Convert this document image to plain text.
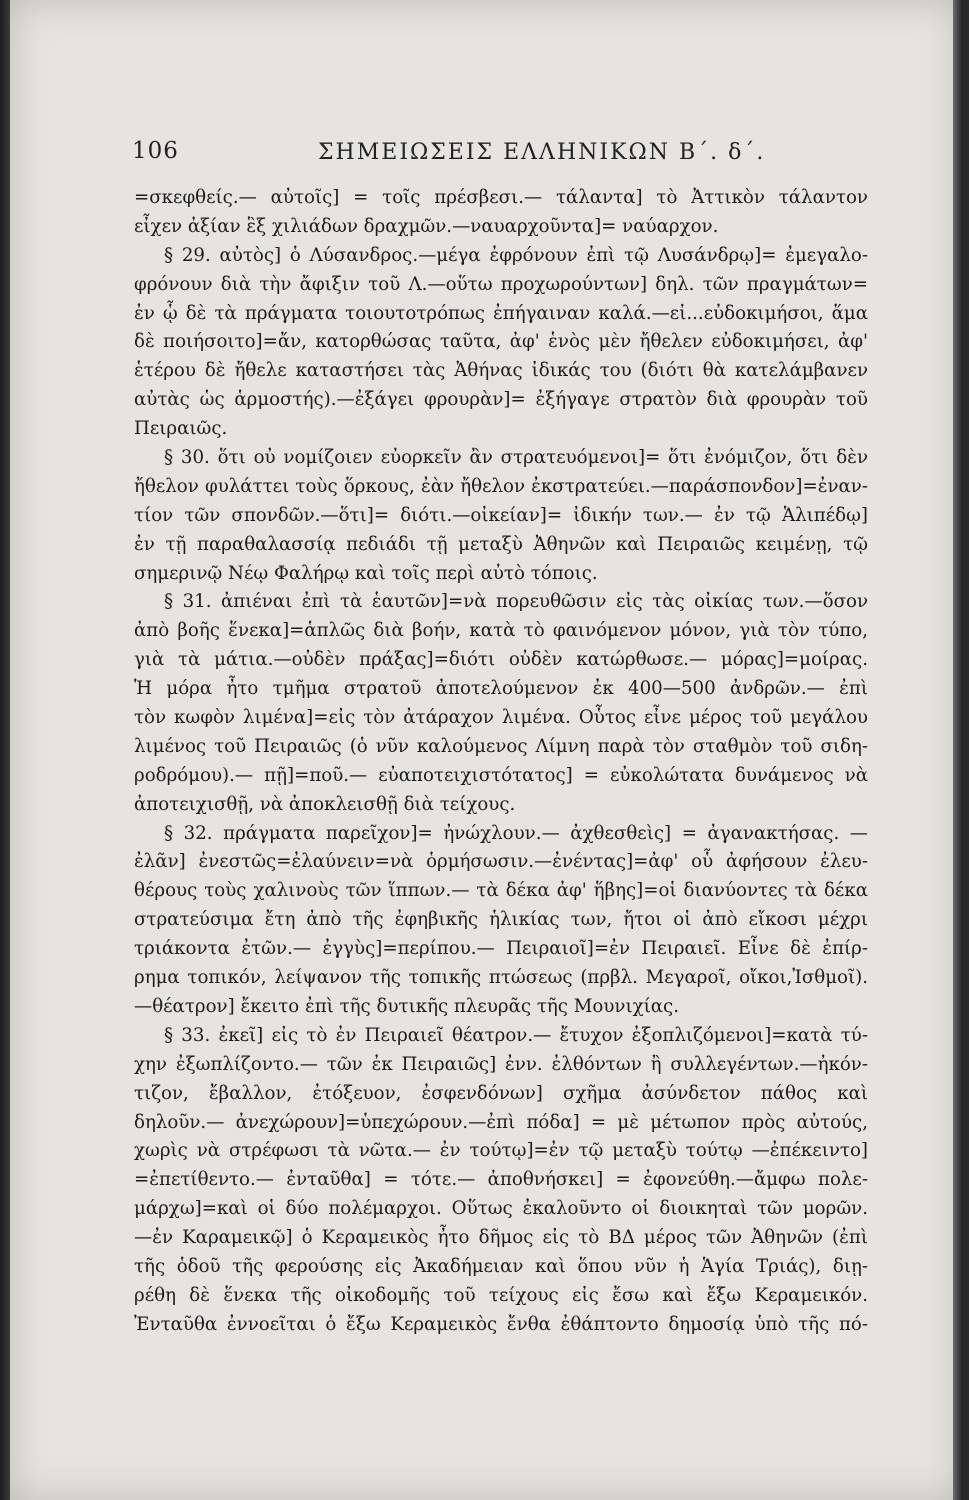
106	ΣΗΜΕΙΩΣΕΙΣ ΕΛΛΗΝΙΚΩΝ Β΄. δ΄.
=σκεφθείς.— αὐτοῖς] = τοῖς πρέσβεσι.— τάλαντα] τὸ Ἀττικὸν τάλαντον
εἶχεν ἀξίαν ἓξ χιλιάδων δραχμῶν.—ναυαρχοῦντα]= ναύαρχον.
§ 29. αὐτὸς] ὁ Λύσανδρος.—μέγα ἐφρόνουν ἐπὶ τῷ Λυσάνδρῳ]= ἐμεγαλο-
φρόνουν διὰ τὴν ἄφιξιν τοῦ Λ.—οὕτω προχωρούντων] δηλ. τῶν πραγμάτων=
ἐν ᾧ δὲ τὰ πράγματα τοιουτοτρόπως ἐπήγαιναν καλά.—εἰ...εὐδοκιμήσοι, ἅμα
δὲ ποιήσοιτο]=ἄν, κατορθώσας ταῦτα, ἀφ' ἑνὸς μὲν ἤθελεν εὐδοκιμήσει, ἀφ'
ἑτέρου δὲ ἤθελε καταστήσει τὰς Ἀθήνας ἰδικάς του (διότι θὰ κατελάμβανεν
αὐτὰς ὡς ἁρμοστής).—ἐξάγει φρουρὰν]= ἐξήγαγε στρατὸν διὰ φρουρὰν τοῦ
Πειραιῶς.
§ 30. ὅτι οὐ νομίζοιεν εὐορκεῖν ἂν στρατευόμενοι]= ὅτι ἐνόμιζον, ὅτι δὲν
ἤθελον φυλάττει τοὺς ὅρκους, ἐὰν ἤθελον ἐκστρατεύει.—παράσπονδον]=ἐναν-
τίον τῶν σπονδῶν.—ὅτι]= διότι.—οἰκείαν]= ἰδικήν των.— ἐν τῷ Ἁλιπέδῳ]
ἐν τῇ παραθαλασσίᾳ πεδιάδι τῇ μεταξὺ Ἀθηνῶν καὶ Πειραιῶς κειμένῃ, τῷ
σημερινῷ Νέῳ Φαλήρῳ καὶ τοῖς περὶ αὐτὸ τόποις.
§ 31. ἀπιέναι ἐπὶ τὰ ἑαυτῶν]=νὰ πορευθῶσιν εἰς τὰς οἰκίας των.—ὅσον
ἀπὸ βοῆς ἕνεκα]=ἁπλῶς διὰ βοήν, κατὰ τὸ φαινόμενον μόνον, γιὰ τὸν τύπο,
γιὰ τὰ μάτια.—οὐδὲν πράξας]=διότι οὐδὲν κατώρθωσε.— μόρας]=μοίρας.
Ἡ μόρα ἦτο τμῆμα στρατοῦ ἀποτελούμενον ἐκ 400—500 ἀνδρῶν.— ἐπὶ
τὸν κωφὸν λιμένα]=εἰς τὸν ἀτάραχον λιμένα. Οὗτος εἶνε μέρος τοῦ μεγάλου
λιμένος τοῦ Πειραιῶς (ὁ νῦν καλούμενος Λίμνη παρὰ τὸν σταθμὸν τοῦ σιδη-
ροδρόμου).— πῇ]=ποῦ.— εὐαποτειχιστότατος] = εὐκολώτατα δυνάμενος νὰ
ἀποτειχισθῇ, νὰ ἀποκλεισθῇ διὰ τείχους.
§ 32. πράγματα παρεῖχον]= ἠνώχλουν.— ἀχθεσθεὶς] = ἀγανακτήσας. —
ἐλᾶν] ἐνεστῶς=ἐλαύνειν=νὰ ὁρμήσωσιν.—ἐνέντας]=ἀφ' οὗ ἀφήσουν ἐλευ-
θέρους τοὺς χαλινοὺς τῶν ἵππων.— τὰ δέκα ἀφ' ἥβης]=οἱ διανύοντες τὰ δέκα
στρατεύσιμα ἔτη ἀπὸ τῆς ἐφηβικῆς ἡλικίας των, ἤτοι οἱ ἀπὸ εἴκοσι μέχρι
τριάκοντα ἐτῶν.— ἐγγὺς]=περίπου.— Πειραιοῖ]=ἐν Πειραιεῖ. Εἶνε δὲ ἐπίρ-
ρημα τοπικόν, λείψανον τῆς τοπικῆς πτώσεως (πρβλ. Μεγαροῖ, οἴκοι,Ἰσθμοῖ).
—θέατρον] ἔκειτο ἐπὶ τῆς δυτικῆς πλευρᾶς τῆς Μουνιχίας.
§ 33. ἐκεῖ] εἰς τὸ ἐν Πειραιεῖ θέατρον.— ἔτυχον ἐξοπλιζόμενοι]=κατὰ τύ-
χην ἐξωπλίζοντο.— τῶν ἐκ Πειραιῶς] ἐνν. ἐλθόντων ἢ συλλεγέντων.—ἠκόν-
τιζον, ἔβαλλον, ἐτόξευον, ἐσφενδόνων] σχῆμα ἀσύνδετον πάθος καὶ
δηλοῦν.— ἀνεχώρουν]=ὑπεχώρουν.—ἐπὶ πόδα] = μὲ μέτωπον πρὸς αὐτούς,
χωρὶς νὰ στρέφωσι τὰ νῶτα.— ἐν τούτῳ]=ἐν τῷ μεταξὺ τούτῳ —ἐπέκειντο]
=ἐπετίθεντο.— ἐνταῦθα] = τότε.— ἀποθνήσκει] = ἐφονεύθη.—ἄμφω πολε-
μάρχω]=καὶ οἱ δύο πολέμαρχοι. Οὕτως ἐκαλοῦντο οἱ διοικηταὶ τῶν μορῶν.
—ἐν Καραμεικῷ] ὁ Κεραμεικὸς ἦτο δῆμος εἰς τὸ ΒΔ μέρος τῶν Ἀθηνῶν (ἐπὶ
τῆς ὁδοῦ τῆς φερούσης εἰς Ἀκαδήμειαν καὶ ὅπου νῦν ἡ Ἁγία Τριάς), διῃ-
ρέθη δὲ ἕνεκα τῆς οἰκοδομῆς τοῦ τείχους εἰς ἔσω καὶ ἔξω Κεραμεικόν.
Ἐνταῦθα ἐννοεῖται ὁ ἔξω Κεραμεικὸς ἔνθα ἐθάπτοντο δημοσίᾳ ὑπὸ τῆς πό-
